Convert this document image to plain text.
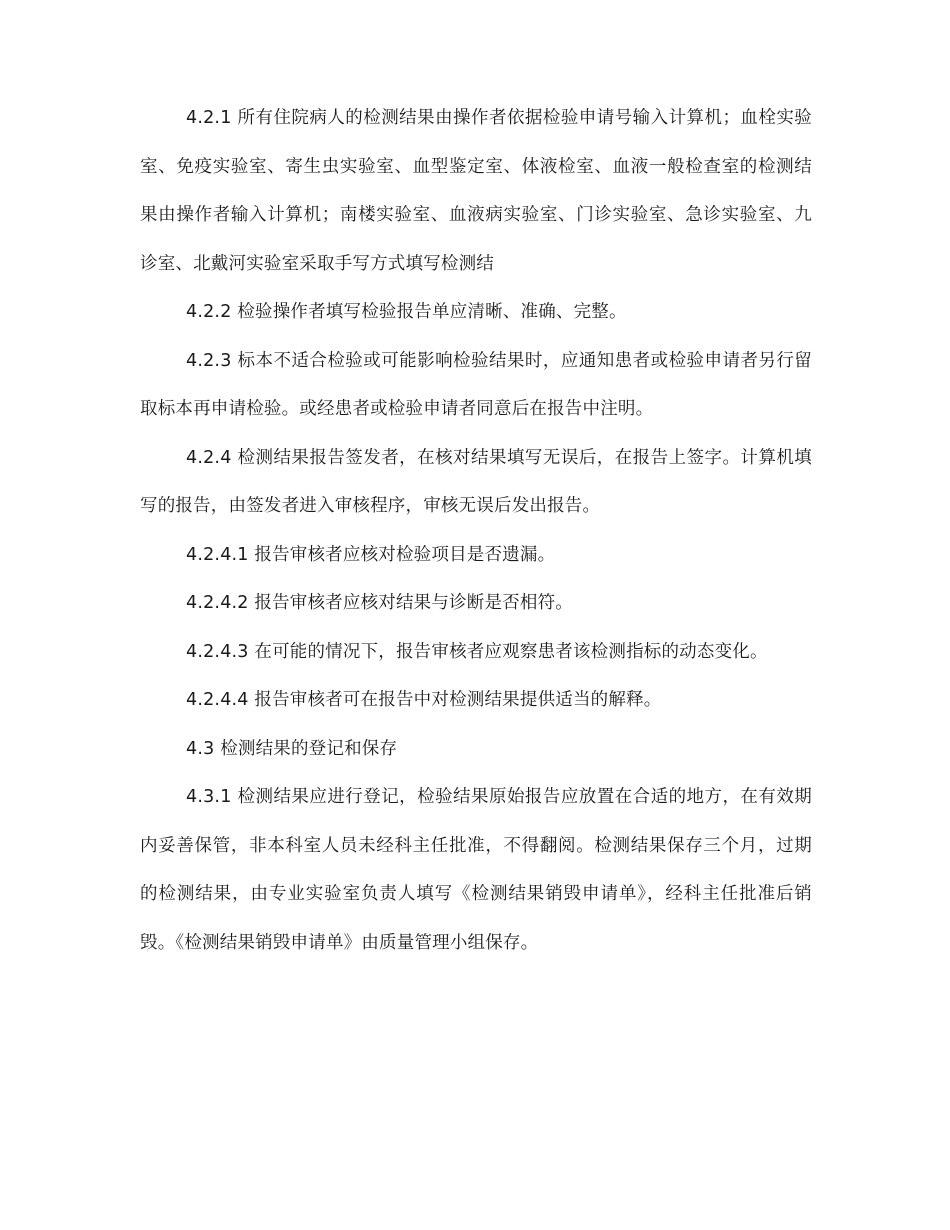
4.2.1 所有住院病人的检测结果由操作者依据检验申请号输入计算机；血栓实验室、免疫实验室、寄生虫实验室、血型鉴定室、体液检室、血液一般检查室的检测结果由操作者输入计算机；南楼实验室、血液病实验室、门诊实验室、急诊实验室、九诊室、北戴河实验室采取手写方式填写检测结

4.2.2 检验操作者填写检验报告单应清晰、准确、完整。

4.2.3 标本不适合检验或可能影响检验结果时，应通知患者或检验申请者另行留取标本再申请检验。或经患者或检验申请者同意后在报告中注明。

4.2.4 检测结果报告签发者，在核对结果填写无误后，在报告上签字。计算机填写的报告，由签发者进入审核程序，审核无误后发出报告。

4.2.4.1 报告审核者应核对检验项目是否遗漏。

4.2.4.2 报告审核者应核对结果与诊断是否相符。

4.2.4.3 在可能的情况下，报告审核者应观察患者该检测指标的动态变化。

4.2.4.4 报告审核者可在报告中对检测结果提供适当的解释。

4.3 检测结果的登记和保存

4.3.1 检测结果应进行登记，检验结果原始报告应放置在合适的地方，在有效期内妥善保管，非本科室人员未经科主任批准，不得翻阅。检测结果保存三个月，过期的检测结果，由专业实验室负责人填写《检测结果销毁申请单》，经科主任批准后销毁。《检测结果销毁申请单》由质量管理小组保存。
